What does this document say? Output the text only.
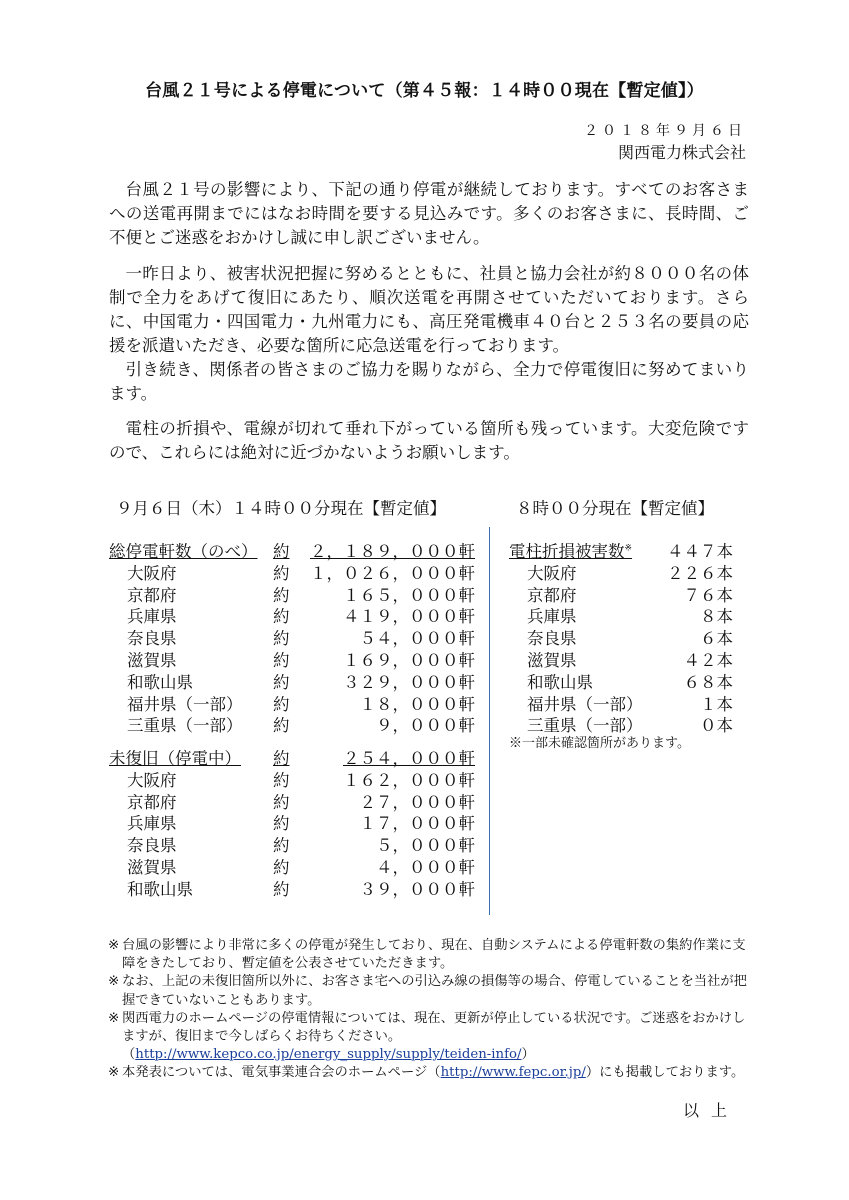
台風２１号による停電について（第４５報：１４時００現在【暫定値】）
２０１８年９月６日
関西電力株式会社

台風２１号の影響により、下記の通り停電が継続しております。すべてのお客さまへの送電再開までにはなお時間を要する見込みです。多くのお客さまに、長時間、ご不便とご迷惑をおかけし誠に申し訳ございません。

一昨日より、被害状況把握に努めるとともに、社員と協力会社が約８０００名の体制で全力をあげて復旧にあたり、順次送電を再開させていただいております。さらに、中国電力・四国電力・九州電力にも、高圧発電機車４０台と２５３名の要員の応援を派遣いただき、必要な箇所に応急送電を行っております。

引き続き、関係者の皆さまのご協力を賜りながら、全力で停電復旧に努めてまいります。

電柱の折損や、電線が切れて垂れ下がっている箇所も残っています。大変危険ですので、これらには絶対に近づかないようお願いします。

９月６日（木）１４時００分現在【暫定値】	８時００分現在【暫定値】
総停電軒数（のべ） 約 ２，１８９，０００軒
大阪府	約 １，０２６，０００軒
京都府	約	１６５，０００軒
兵庫県	約	４１９，０００軒
奈良県	約	５４，０００軒
滋賀県	約	１６９，０００軒
和歌山県	約	３２９，０００軒
福井県（一部） 約	１８，０００軒
三重県（一部） 約	９，０００軒
未復旧（停電中） 約	２５４，０００軒
大阪府	約	１６２，０００軒
京都府	約	２７，０００軒
兵庫県	約	１７，０００軒
奈良県	約	５，０００軒
滋賀県	約	４，０００軒
和歌山県	約	３９，０００軒
電柱折損被害数※ ４４７本
大阪府	２２６本
京都府	７６本
兵庫県	８本
奈良県	６本
滋賀県	４２本
和歌山県	６８本
福井県（一部）	１本
三重県（一部）	０本
※一部未確認箇所があります。
※ 台風の影響により非常に多くの停電が発生しており、現在、自動システムによる停電軒数の集約作業に支障をきたしており、暫定値を公表させていただきます。
※ なお、上記の未復旧箇所以外に、お客さま宅への引込み線の損傷等の場合、停電していることを当社が把握できていないこともあります。
※ 関西電力のホームページの停電情報については、現在、更新が停止している状況です。ご迷惑をおかけしますが、復旧まで今しばらくお待ちください。
（http://www.kepco.co.jp/energy_supply/supply/teiden-info/）
※ 本発表については、電気事業連合会のホームページ（http://www.fepc.or.jp/）にも掲載しております。
以上
